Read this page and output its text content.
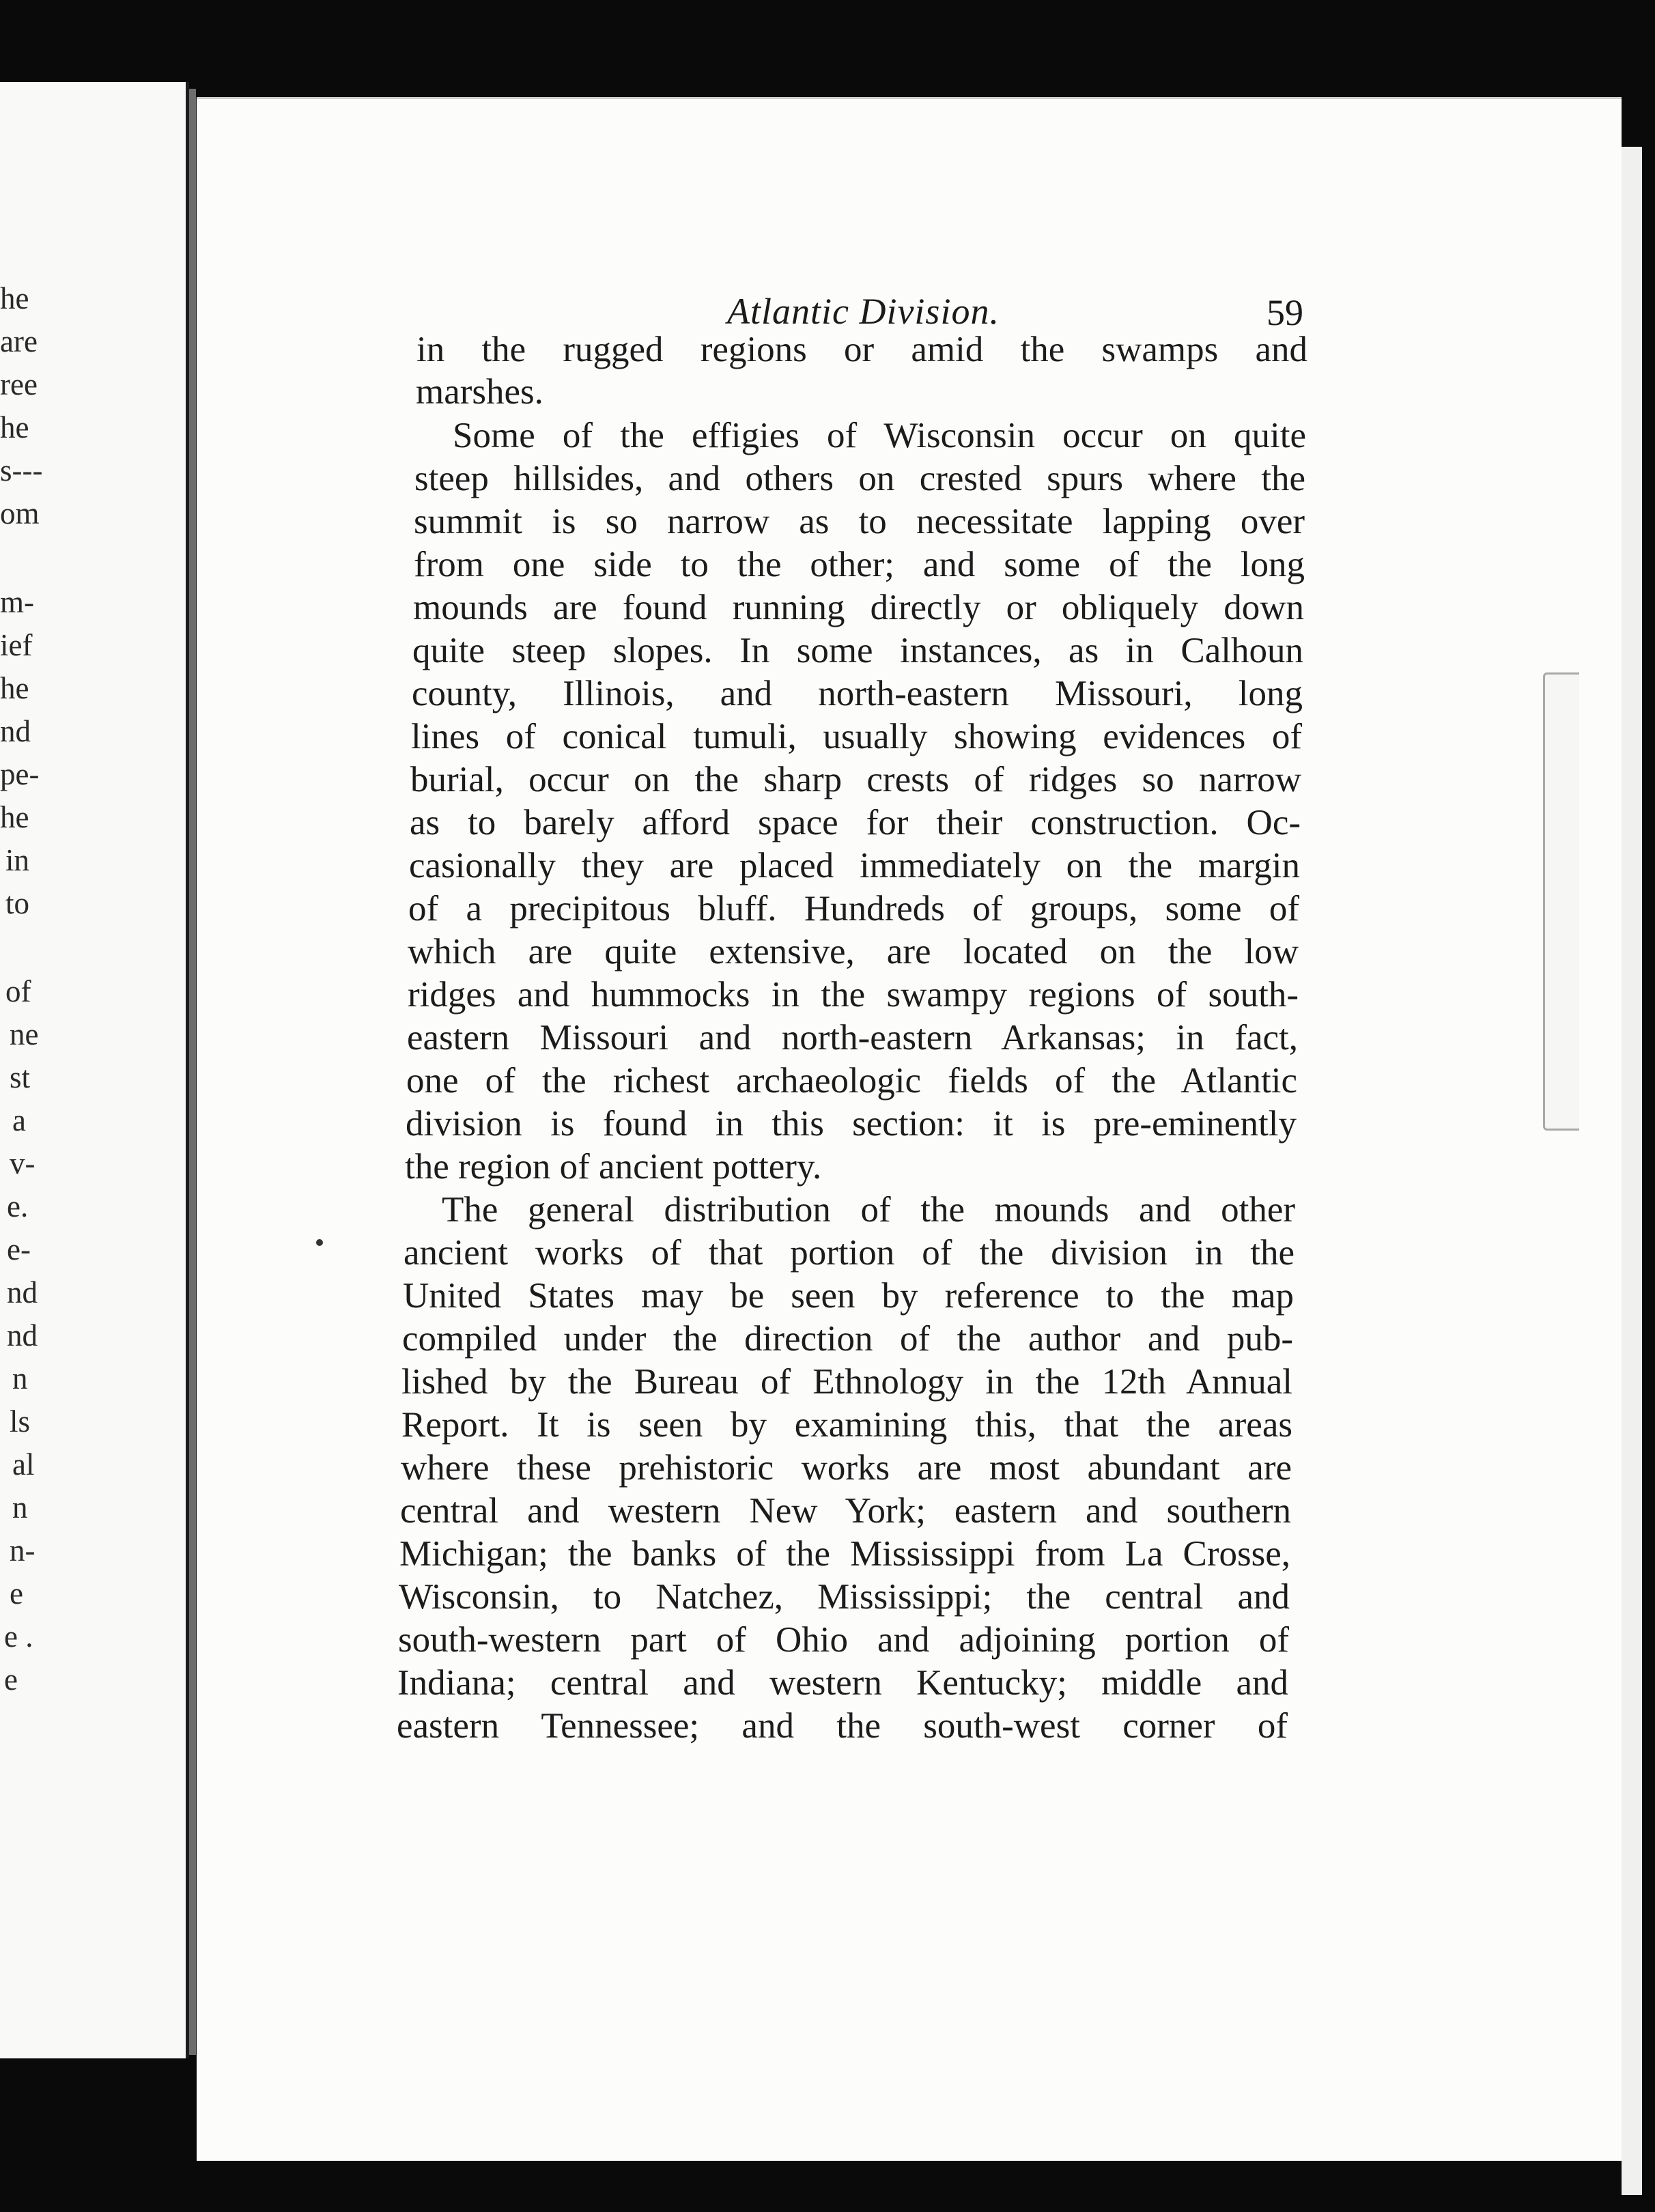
he
are
ree
he
s---
om
m-
ief
he
nd
pe-
he
in
to
of
ne
st
a
v-
e.
e-
nd
nd
n
ls
al
n
n-
e
e .
e
Atlantic Division.	59
in the rugged regions or amid the swamps and
marshes.
Some of the effigies of Wisconsin occur on quite
steep hillsides, and others on crested spurs where the
summit is so narrow as to necessitate lapping over
from one side to the other; and some of the long
mounds are found running directly or obliquely down
quite steep slopes. In some instances, as in Calhoun
county, Illinois, and north-eastern Missouri, long
lines of conical tumuli, usually showing evidences of
burial, occur on the sharp crests of ridges so narrow
as to barely afford space for their construction. Oc-
casionally they are placed immediately on the margin
of a precipitous bluff. Hundreds of groups, some of
which are quite extensive, are located on the low
ridges and hummocks in the swampy regions of south-
eastern Missouri and north-eastern Arkansas; in fact,
one of the richest archaeologic fields of the Atlantic
division is found in this section: it is pre-eminently
the region of ancient pottery.
The general distribution of the mounds and other
ancient works of that portion of the division in the
United States may be seen by reference to the map
compiled under the direction of the author and pub-
lished by the Bureau of Ethnology in the 12th Annual
Report. It is seen by examining this, that the areas
where these prehistoric works are most abundant are
central and western New York; eastern and southern
Michigan; the banks of the Mississippi from La Crosse,
Wisconsin, to Natchez, Mississippi; the central and
south-western part of Ohio and adjoining portion of
Indiana; central and western Kentucky; middle and
eastern Tennessee; and the south-west corner of
